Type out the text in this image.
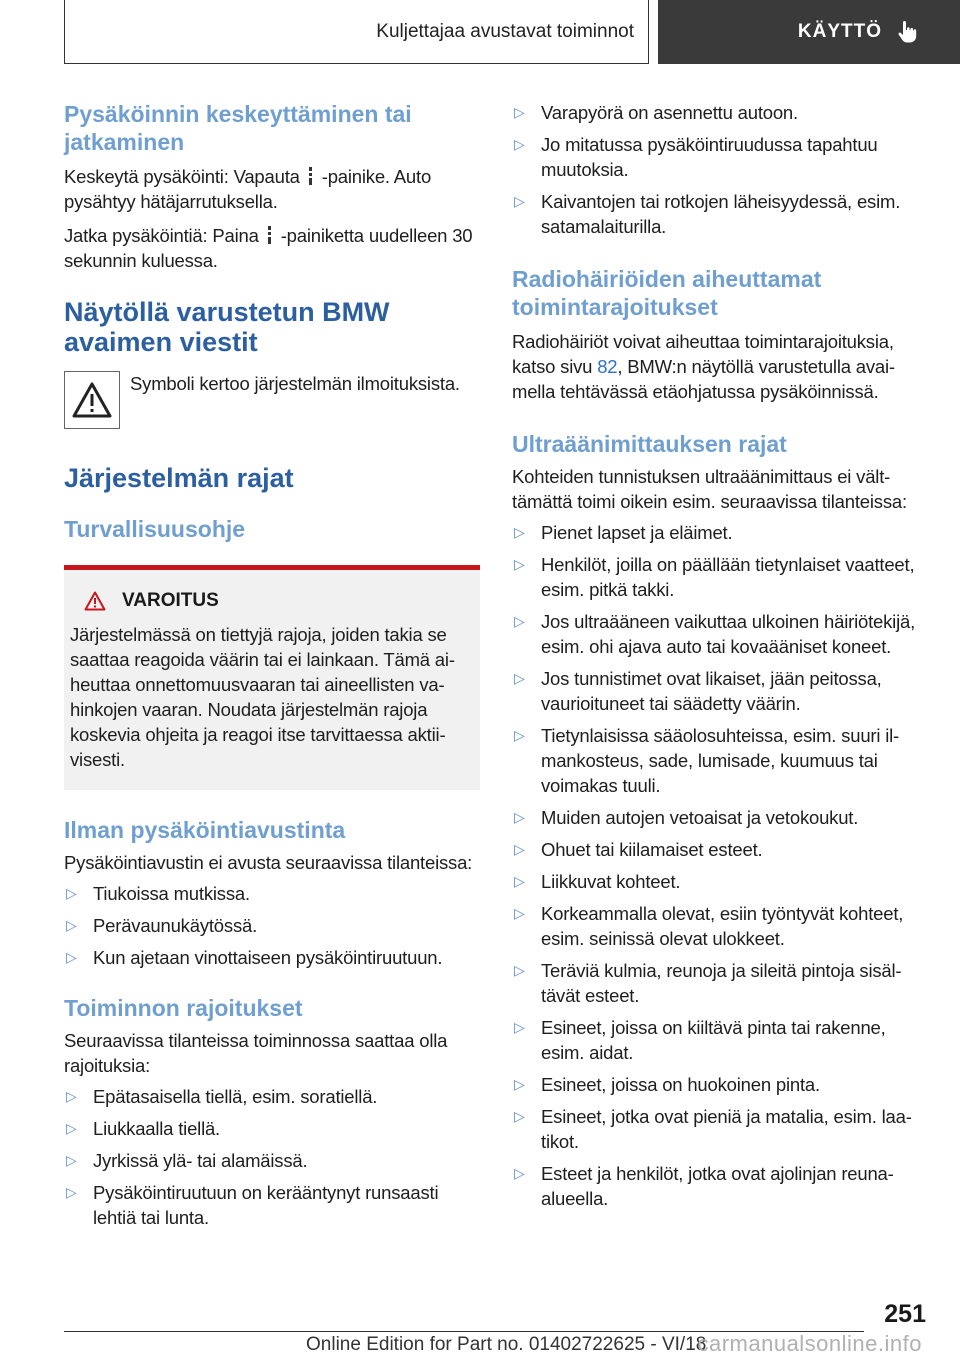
Kuljettajaa avustavat toiminnot	KÄYTTÖ
Pysäköinnin keskeyttäminen tai jatkaminen

Keskeytä pysäköinti: Vapauta -painike. Auto pysähtyy hätäjarrutuksella.

Jatka pysäköintiä: Paina -painiketta uudelleen 30 sekunnin kuluessa.

Näytöllä varustetun BMW avaimen viestit

Symboli kertoo järjestelmän ilmoituksista.

Järjestelmän rajat
Turvallisuusohje
VAROITUS

Järjestelmässä on tiettyjä rajoja, joiden takia se saattaa reagoida väärin tai ei lainkaan. Tämä aiheuttaa onnettomuusvaaran tai aineellisten vahinkojen vaaran. Noudata järjestelmän rajoja koskevia ohjeita ja reagoi itse tarvittaessa aktiivisesti.

Ilman pysäköintiavustinta

Pysäköintiavustin ei avusta seuraavissa tilanteissa:

▷ Tiukoissa mutkissa.
▷ Perävaunukäytössä.
▷ Kun ajetaan vinottaiseen pysäköintiruutuun.
Toiminnon rajoitukset

Seuraavissa tilanteissa toiminnossa saattaa olla rajoituksia:

▷ Epätasaisella tiellä, esim. soratiellä.
▷ Liukkaalla tiellä.
▷ Jyrkissä ylä- tai alamäissä.
▷ Pysäköintiruutuun on kerääntynyt runsaasti lehtiä tai lunta.
▷ Varapyörä on asennettu autoon.
▷ Jo mitatussa pysäköintiruudussa tapahtuu muutoksia.
▷ Kaivantojen tai rotkojen läheisyydessä, esim. satamalaiturilla.
Radiohäiriöiden aiheuttamat toimintarajoitukset

Radiohäiriöt voivat aiheuttaa toimintarajoituksia, katso sivu 82, BMW:n näytöllä varustetulla avaimella tehtävässä etäohjatussa pysäköinnissä.

Ultraäänimittauksen rajat

Kohteiden tunnistuksen ultraäänimittaus ei välttämättä toimi oikein esim. seuraavissa tilanteissa:

▷ Pienet lapset ja eläimet.
▷ Henkilöt, joilla on päällään tietynlaiset vaatteet, esim. pitkä takki.
▷ Jos ultraääneen vaikuttaa ulkoinen häiriötekijä, esim. ohi ajava auto tai kovaääniset koneet.
▷ Jos tunnistimet ovat likaiset, jään peitossa, vaurioituneet tai säädetty väärin.
▷ Tietynlaisissa sääolosuhteissa, esim. suuri ilmankosteus, sade, lumisade, kuumuus tai voimakas tuuli.
▷ Muiden autojen vetoaisat ja vetokoukut.
▷ Ohuet tai kiilamaiset esteet.
▷ Liikkuvat kohteet.
▷ Korkeammalla olevat, esiin työntyvät kohteet, esim. seinissä olevat ulokkeet.
▷ Teräviä kulmia, reunoja ja sileitä pintoja sisältävät esteet.
▷ Esineet, joissa on kiiltävä pinta tai rakenne, esim. aidat.
▷ Esineet, joissa on huokoinen pinta.
▷ Esineet, jotka ovat pieniä ja matalia, esim. laatikot.
▷ Esteet ja henkilöt, jotka ovat ajolinjan reunaalueella.
251
Online Edition for Part no. 01402722625 - VI/18
carmanualsonline.info
